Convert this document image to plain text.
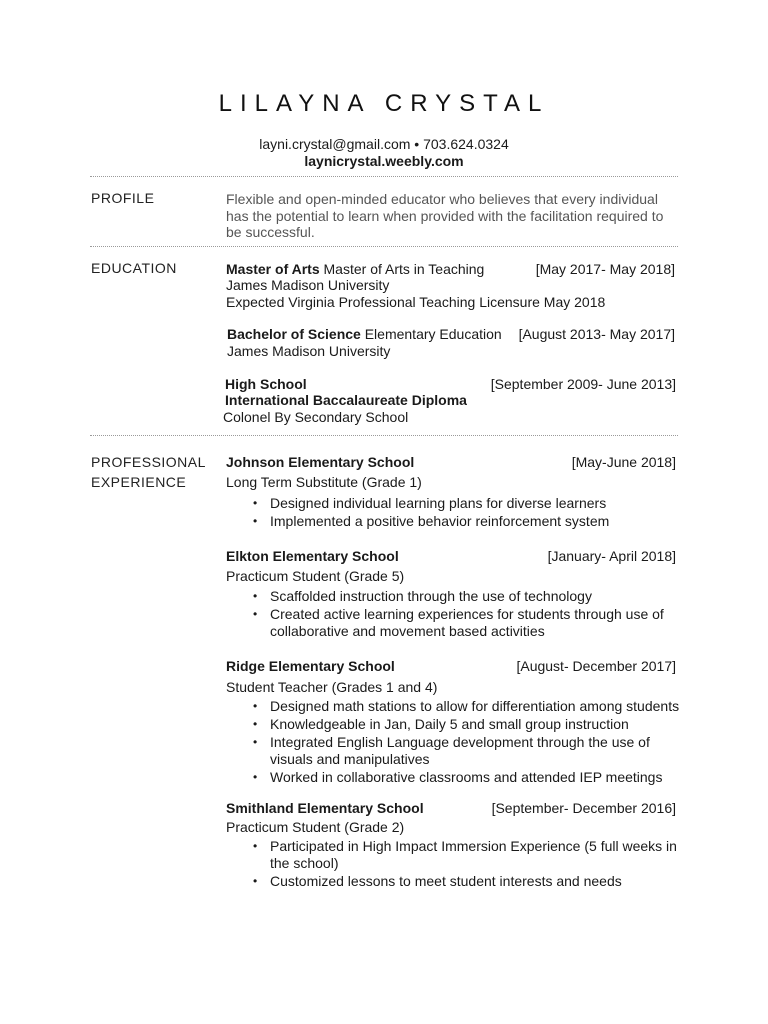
LILAYNA CRYSTAL
layni.crystal@gmail.com • 703.624.0324
laynicrystal.weebly.com
PROFILE	Flexible and open-minded educator who believes that every individual has the potential to learn when provided with the facilitation required to be successful.
EDUCATION	Master of Arts Master of Arts in Teaching	[May 2017- May 2018]
James Madison University
Expected Virginia Professional Teaching Licensure May 2018
Bachelor of Science Elementary Education [August 2013- May 2017]
James Madison University
High School	[September 2009- June 2013]
International Baccalaureate Diploma
Colonel By Secondary School
PROFESSIONAL
EXPERIENCE
Johnson Elementary School	[May-June 2018]
Long Term Substitute (Grade 1)
• Designed individual learning plans for diverse learners
• Implemented a positive behavior reinforcement system
Elkton Elementary School	[January- April 2018]
Practicum Student (Grade 5)
• Scaffolded instruction through the use of technology
• Created active learning experiences for students through use of collaborative and movement based activities
Ridge Elementary School	[August- December 2017]
Student Teacher (Grades 1 and 4)
• Designed math stations to allow for differentiation among students
• Knowledgeable in Jan, Daily 5 and small group instruction
• Integrated English Language development through the use of visuals and manipulatives
• Worked in collaborative classrooms and attended IEP meetings
Smithland Elementary School	[September- December 2016]
Practicum Student (Grade 2)
• Participated in High Impact Immersion Experience (5 full weeks in the school)
• Customized lessons to meet student interests and needs
